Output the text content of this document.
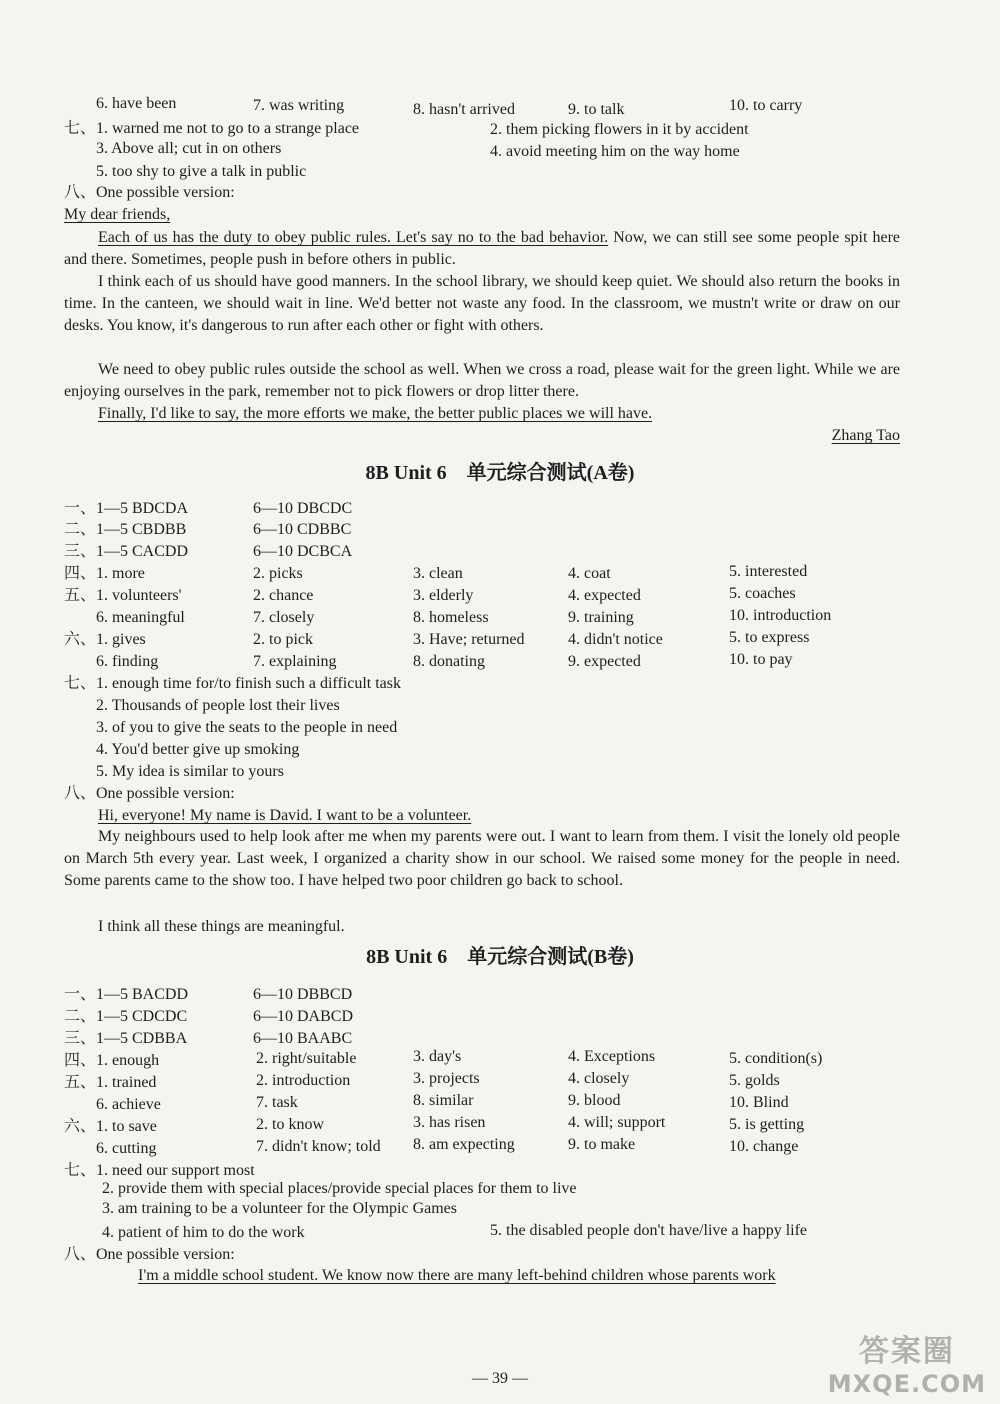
6. have been	7. was writing	8. hasn't arrived	9. to talk	10. to carry
七、 1. warned me not to go to a strange place	2. them picking flowers in it by accident
3. Above all; cut in on others	4. avoid meeting him on the way home
5. too shy to give a talk in public
八、One possible version:
My dear friends,
Each of us has the duty to obey public rules. Let's say no to the bad behavior. Now, we can still see some people spit here and there. Sometimes, people push in before others in public.
I think each of us should have good manners. In the school library, we should keep quiet. We should also return the books in time. In the canteen, we should wait in line. We'd better not waste any food. In the classroom, we mustn't write or draw on our desks. You know, it's dangerous to run after each other or fight with others.
We need to obey public rules outside the school as well. When we cross a road, please wait for the green light. While we are enjoying ourselves in the park, remember not to pick flowers or drop litter there.
Finally, I'd like to say, the more efforts we make, the better public places we will have.
Zhang Tao
8B Unit 6　单元综合测试(A卷)
一、1—5 BDCDA	6—10 DBCDC
二、1—5 CBDBB	6—10 CDBBC
三、1—5 CACDD	6—10 DCBCA
四、1. more	2. picks	3. clean	4. coat	5. interested
五、1. volunteers'	2. chance	3. elderly	4. expected	5. coaches
6. meaningful	7. closely	8. homeless	9. training	10. introduction
六、1. gives	2. to pick	3. Have; returned	4. didn't notice	5. to express
6. finding	7. explaining	8. donating	9. expected	10. to pay
七、1. enough time for/to finish such a difficult task
2. Thousands of people lost their lives
3. of you to give the seats to the people in need
4. You'd better give up smoking
5. My idea is similar to yours
八、One possible version:
Hi, everyone! My name is David. I want to be a volunteer.
My neighbours used to help look after me when my parents were out. I want to learn from them. I visit the lonely old people on March 5th every year. Last week, I organized a charity show in our school. We raised some money for the people in need. Some parents came to the show too. I have helped two poor children go back to school.
I think all these things are meaningful.
8B Unit 6　单元综合测试(B卷)
一、1—5 BACDD	6—10 DBBCD
二、1—5 CDCDC	6—10 DABCD
三、1—5 CDBBA	6—10 BAABC
四、1. enough	2. right/suitable	3. day's	4. Exceptions	5. condition(s)
五、1. trained	2. introduction	3. projects	4. closely	5. golds
6. achieve	7. task	8. similar	9. blood	10. Blind
六、1. to save	2. to know	3. has risen	4. will; support	5. is getting
6. cutting	7. didn't know; told 8. am expecting	9. to make	10. change
七、1. need our support most
2. provide them with special places/provide special places for them to live
3. am training to be a volunteer for the Olympic Games
4. patient of him to do the work	5. the disabled people don't have/live a happy life
八、One possible version:
I'm a middle school student. We know now there are many left-behind children whose parents work
— 39 —
答案圈
MXQE.COM
